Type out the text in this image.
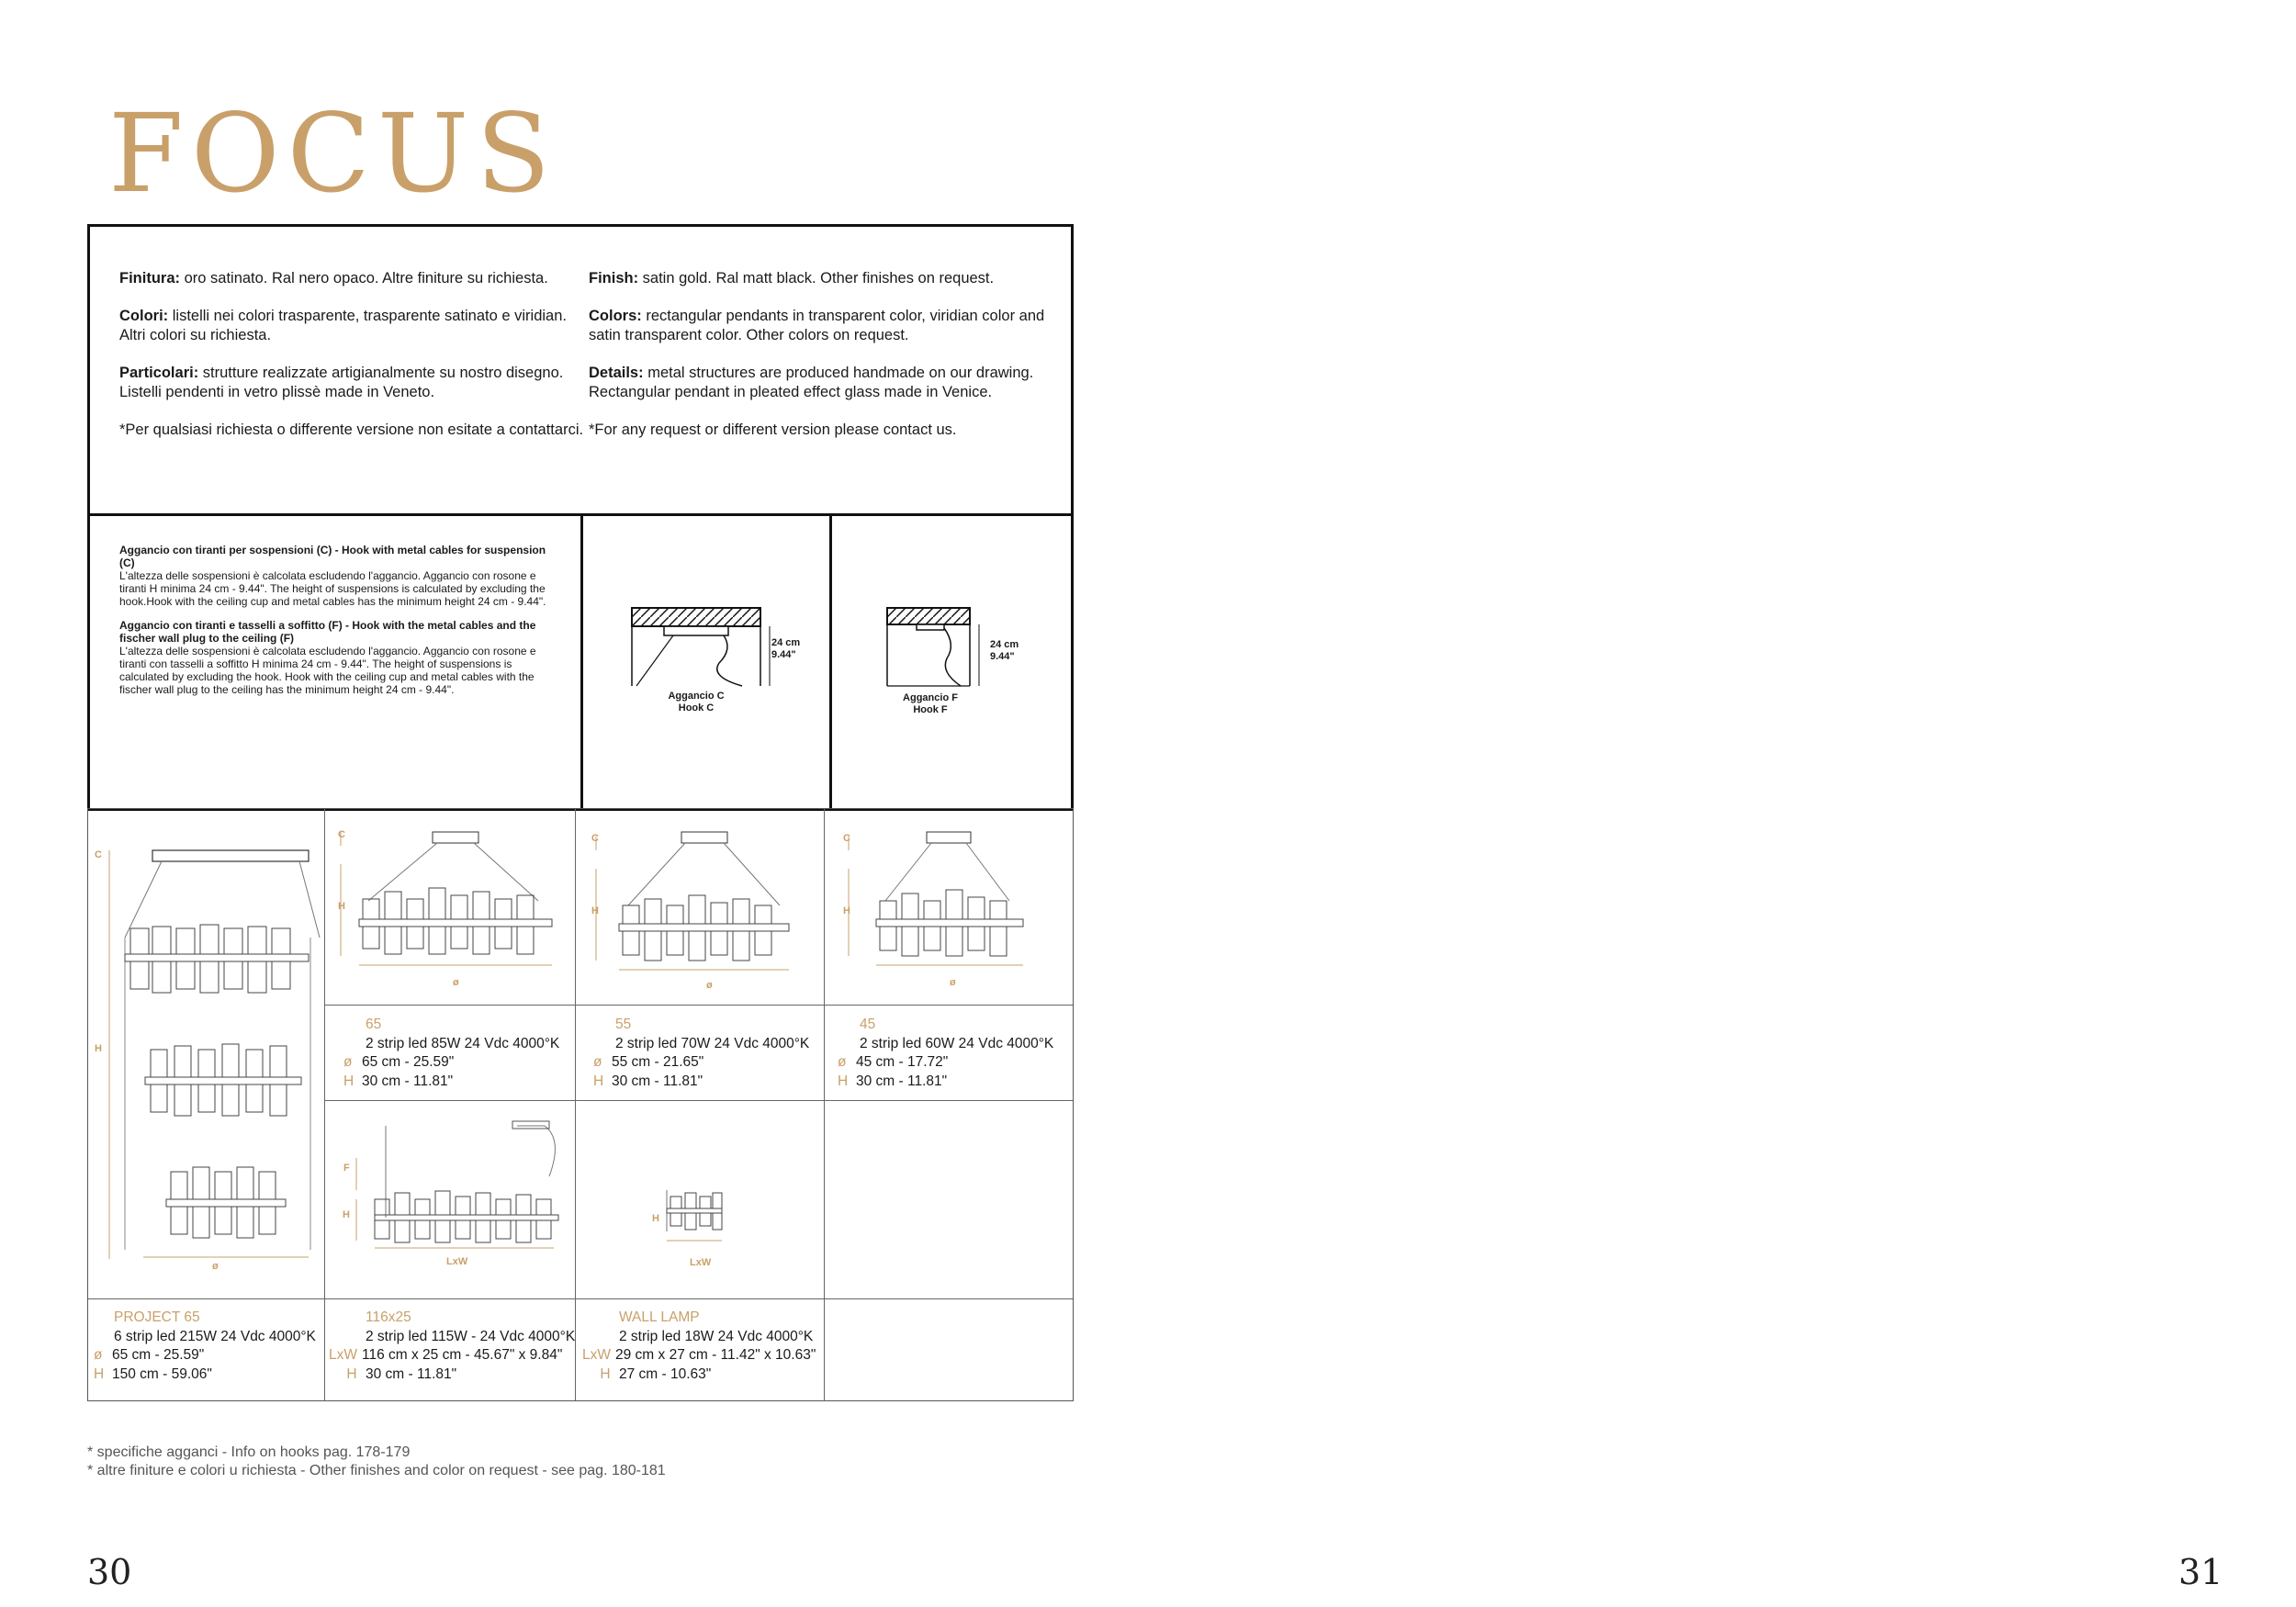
FOCUS

Finitura: oro satinato. Ral nero opaco. Altre finiture su richiesta.

Colori: listelli nei colori trasparente, trasparente satinato e viridian. Altri colori su richiesta.

Particolari: strutture realizzate artigianalmente su nostro disegno. Listelli pendenti in vetro plissè made in Veneto.

*Per qualsiasi richiesta o differente versione non esitate a contattarci.

Finish: satin gold. Ral matt black. Other finishes on request.

Colors: rectangular pendants in transparent color, viridian color and satin transparent color. Other colors on request.

Details: metal structures are produced handmade on our drawing. Rectangular pendant in pleated effect glass made in Venice.

*For any request or different version please contact us.

Aggancio con tiranti per sospensioni (C) - Hook with metal cables for suspension (C)
L'altezza delle sospensioni è calcolata escludendo l'aggancio. Aggancio con rosone e tiranti H minima 24 cm - 9.44". The height of suspensions is calculated by excluding the hook.Hook with the ceiling cup and metal cables has the minimum height 24 cm - 9.44".

Aggancio con tiranti e tasselli a soffitto (F) - Hook with the metal cables and the fischer wall plug to the ceiling (F)
L'altezza delle sospensioni è calcolata escludendo l'aggancio. Aggancio con rosone e tiranti con tasselli a soffitto H minima 24 cm - 9.44". The height of suspensions is calculated by excluding the hook. Hook with the ceiling cup and metal cables with the fischer wall plug to the ceiling has the minimum height 24 cm - 9.44".

24 cm
9.44"
Aggancio C
Hook C
24 cm
9.44"
Aggancio F
Hook F
C
H
ø
C
H
ø
C
H
ø
C
H
ø
65
2 strip led 85W 24 Vdc 4000°K
ø 65 cm - 25.59"
H 30 cm - 11.81"
55
2 strip led 70W 24 Vdc 4000°K
ø 55 cm - 21.65"
H 30 cm - 11.81"
45
2 strip led 60W 24 Vdc 4000°K
ø 45 cm - 17.72"
H 30 cm - 11.81"
F
H
LxW
H
LxW
PROJECT 65
6 strip led 215W 24 Vdc 4000°K
ø 65 cm - 25.59"
H 150 cm - 59.06"
116x25
2 strip led 115W - 24 Vdc 4000°K
LxW 116 cm x 25 cm - 45.67" x 9.84"
H 30 cm - 11.81"
WALL LAMP
2 strip led 18W 24 Vdc 4000°K
LxW 29 cm x 27 cm - 11.42" x 10.63"
H 27 cm - 10.63"
* specifiche agganci - Info on hooks pag. 178-179
* altre finiture e colori u richiesta - Other finishes and color on request - see pag. 180-181
30	31
